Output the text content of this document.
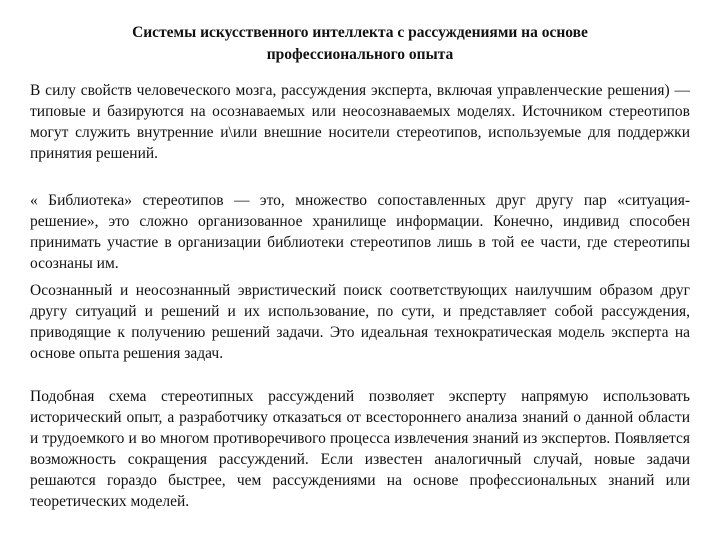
Системы искусственного интеллекта с рассуждениями на основе
профессионального опыта

В силу свойств человеческого мозга, рассуждения эксперта, включая управленческие решения) — типовые и базируются на осознаваемых или неосознаваемых моделях. Источником стереотипов могут служить внутренние и\или внешние носители стереотипов, используемые для поддержки принятия решений.

« Библиотека» стереотипов — это, множество сопоставленных друг другу пар «ситуация-решение», это сложно организованное хранилище информации. Конечно, индивид способен принимать участие в организации библиотеки стереотипов лишь в той ее части, где стереотипы осознаны им.

Осознанный и неосознанный эвристический поиск соответствующих наилучшим образом друг другу ситуаций и решений и их использование, по сути, и представляет собой рассуждения, приводящие к получению решений задачи. Это идеальная технократическая модель эксперта на основе опыта решения задач.

Подобная схема стереотипных рассуждений позволяет эксперту напрямую использовать исторический опыт, а разработчику отказаться от всестороннего анализа знаний о данной области и трудоемкого и во многом противоречивого процесса извлечения знаний из экспертов. Появляется возможность сокращения рассуждений. Если известен аналогичный случай, новые задачи решаются гораздо быстрее, чем рассуждениями на основе профессиональных знаний или теоретических моделей.
